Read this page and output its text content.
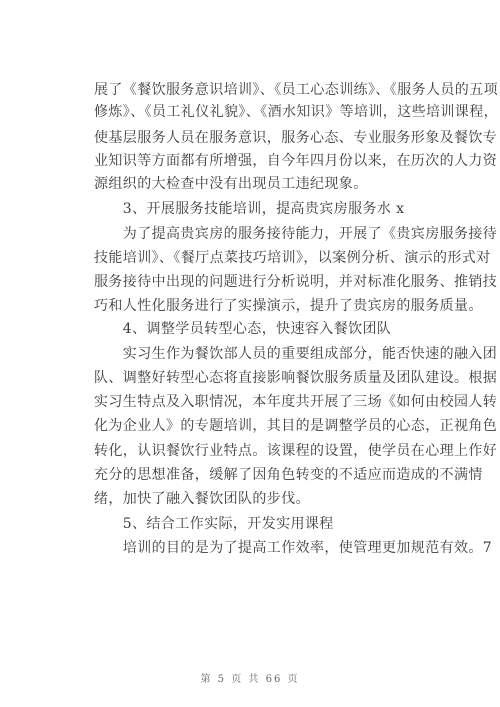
展了《餐饮服务意识培训》、《员工心态训练》、《服务人员的五项

修炼》、《员工礼仪礼貌》、《酒水知识》等培训，这些培训课程，

使基层服务人员在服务意识，服务心态、专业服务形象及餐饮专

业知识等方面都有所增强，自今年四月份以来，在历次的人力资

源组织的大检查中没有出现员工违纪现象。

　　3、开展服务技能培训，提高贵宾房服务水 x

　　为了提高贵宾房的服务接待能力，开展了《贵宾房服务接待

技能培训》、《餐厅点菜技巧培训》，以案例分析、演示的形式对

服务接待中出现的问题进行分析说明，并对标准化服务、推销技

巧和人性化服务进行了实操演示，提升了贵宾房的服务质量。

　　4、调整学员转型心态，快速容入餐饮团队

　　实习生作为餐饮部人员的重要组成部分，能否快速的融入团

队、调整好转型心态将直接影响餐饮服务质量及团队建设。根据

实习生特点及入职情况，本年度共开展了三场《如何由校园人转

化为企业人》的专题培训，其目的是调整学员的心态，正视角色

转化，认识餐饮行业特点。该课程的设置，使学员在心理上作好

充分的思想准备，缓解了因角色转变的不适应而造成的不满情

绪，加快了融入餐饮团队的步伐。

　　5、结合工作实际，开发实用课程

　　培训的目的是为了提高工作效率，使管理更加规范有效。7

第 5 页 共 66 页
